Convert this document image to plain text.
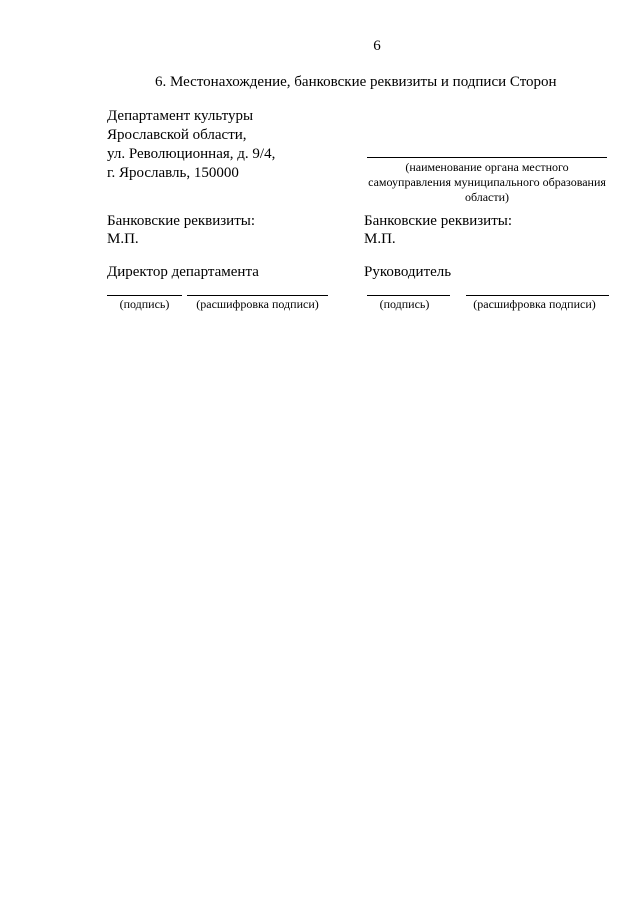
6
6. Местонахождение, банковские реквизиты и подписи Сторон
Департамент культуры
Ярославской области,
ул. Революционная, д. 9/4,
г. Ярославль, 150000	(наименование органа местного самоуправления муниципального образования области)
Банковские реквизиты:	Банковские реквизиты:
М.П.	М.П.
Директор департамента	Руководитель
(подпись)	(расшифровка подписи)	(подпись)	(расшифровка подписи)
